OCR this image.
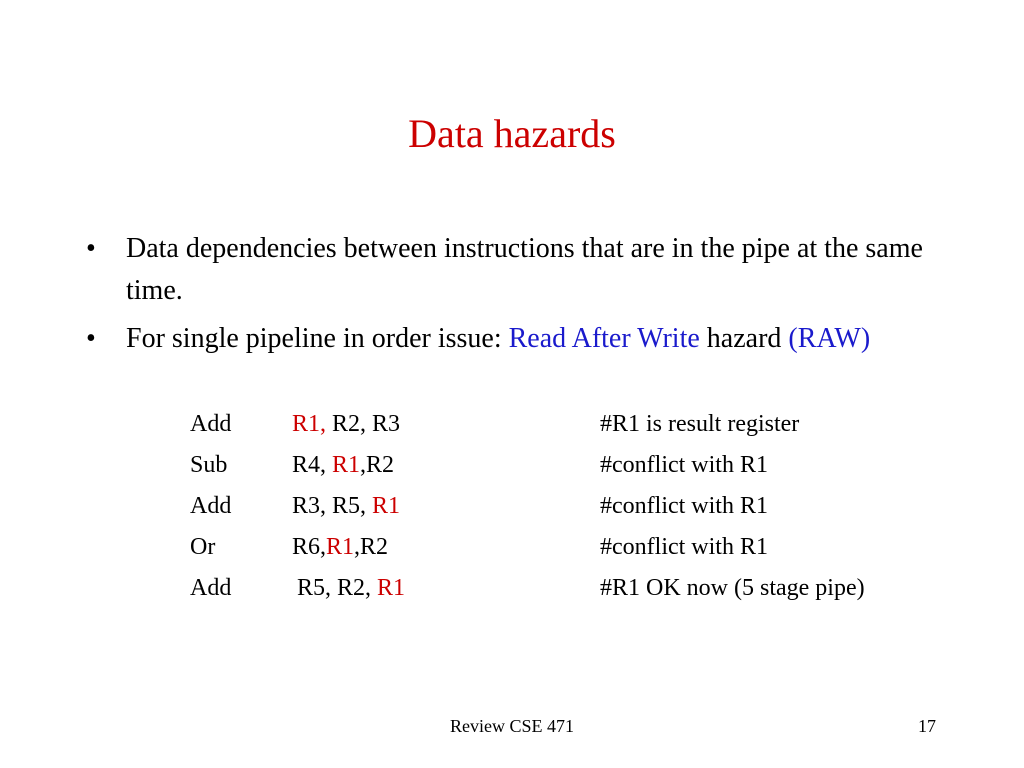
Data hazards
• Data dependencies between instructions that are in the pipe at the same time.
• For single pipeline in order issue: Read After Write hazard (RAW)
Add	R1, R2, R3	#R1 is result register
Sub	R4, R1,R2	#conflict with R1
Add	R3, R5, R1	#conflict with R1
Or	R6,R1,R2	#conflict with R1
Add	R5, R2, R1	#R1 OK now (5 stage pipe)
Review CSE 471	17
